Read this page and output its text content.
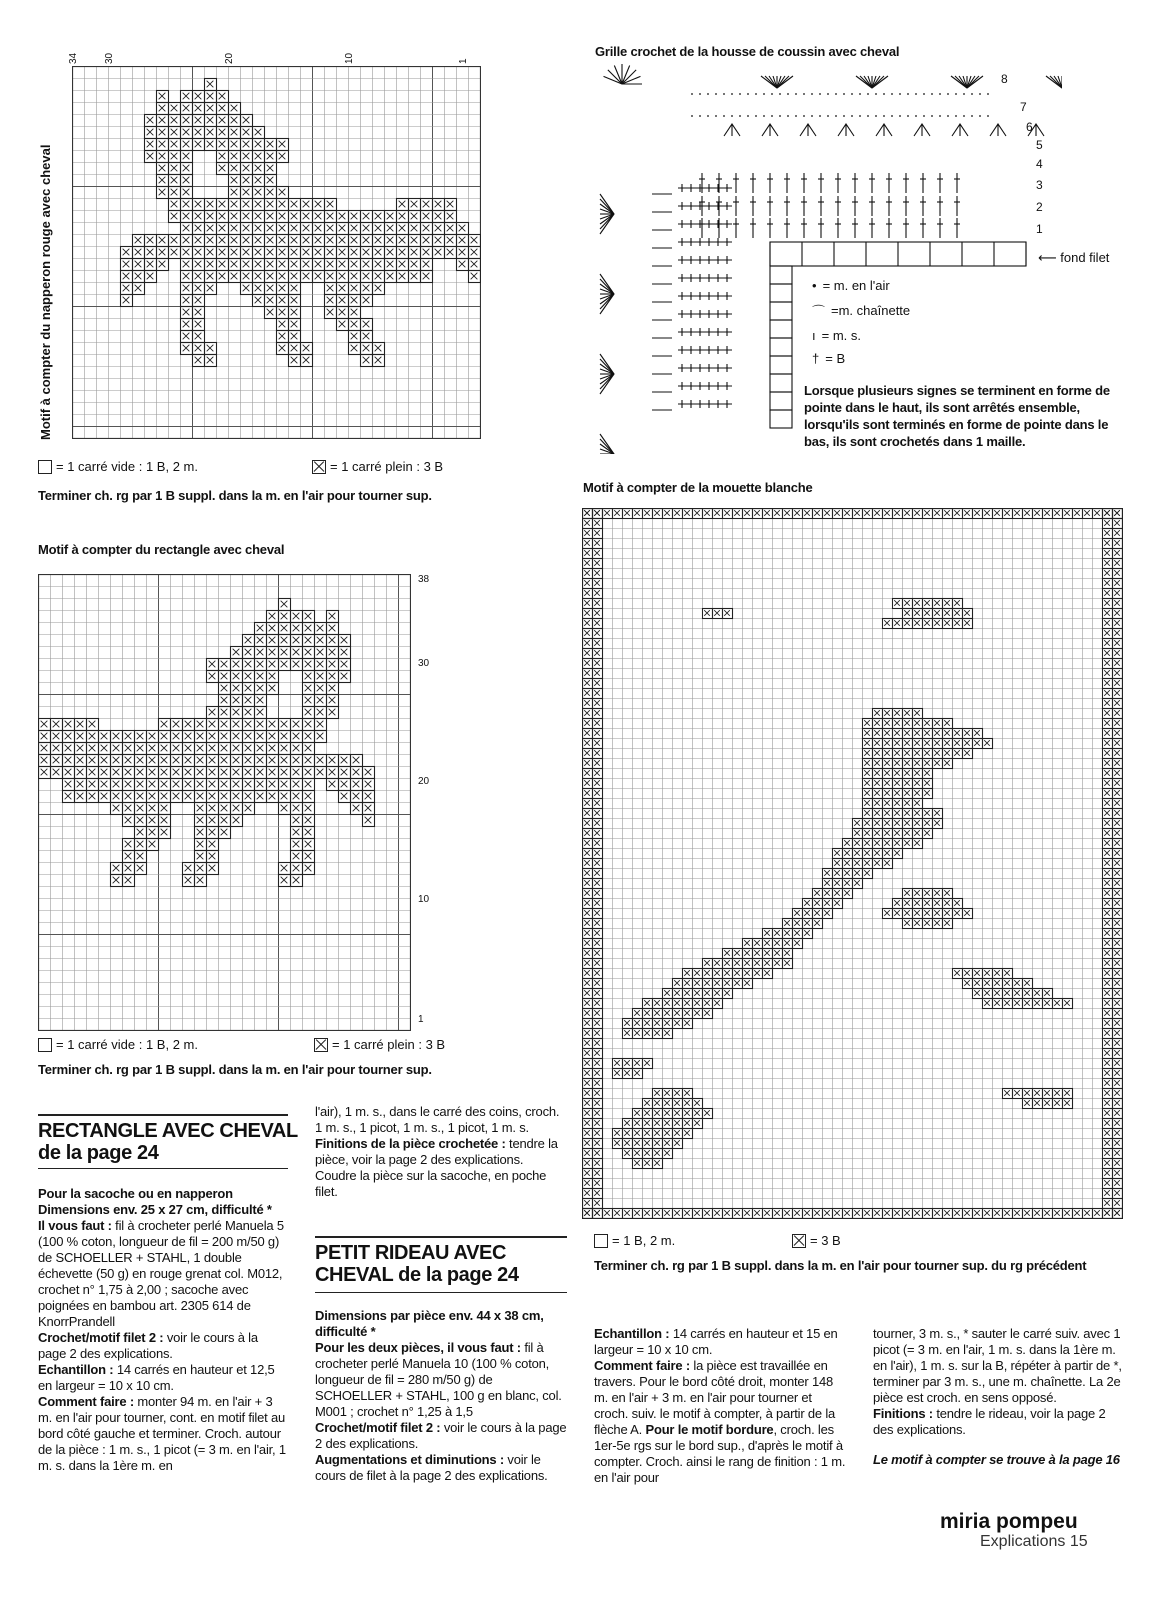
Motif à compter du napperon rouge avec cheval
34	30	20	10	1
= 1 carré vide : 1 B, 2 m.	= 1 carré plein : 3 B
Terminer ch. rg par 1 B suppl. dans la m. en l'air pour tourner sup.
Motif à compter du rectangle avec cheval
38
30
20
10
1
= 1 carré vide : 1 B, 2 m.	= 1 carré plein : 3 B
Terminer ch. rg par 1 B suppl. dans la m. en l'air pour tourner sup.
Grille crochet de la housse de coussin avec cheval
8
7
6
5
4
3
2
1
⟵ fond filet
• = m. en l'air
⌒ =m. chaînette
ı = m. s.
† = B
Lorsque plusieurs signes se terminent en forme de pointe dans le haut, ils sont arrêtés ensemble, lorsqu'ils sont terminés en forme de pointe dans le bas, ils sont crochetés dans 1 maille.
Motif à compter de la mouette blanche
= 1 B, 2 m.	= 3 B
Terminer ch. rg par 1 B suppl. dans la m. en l'air pour tourner sup. du rg précédent
RECTANGLE AVEC CHEVAL
de la page 24

Pour la sacoche ou en napperon

Dimensions env. 25 x 27 cm, difficulté *

Il vous faut : fil à crocheter perlé Manuela 5 (100 % coton, longueur de fil = 200 m/50 g) de SCHOELLER + STAHL, 1 double échevette (50 g) en rouge grenat col. M012, crochet n° 1,75 à 2,00 ; sacoche avec poignées en bambou art. 2305 614 de KnorrPrandell

Crochet/motif filet 2 : voir le cours à la page 2 des explications.

Echantillon : 14 carrés en hauteur et 12,5 en largeur = 10 x 10 cm.

Comment faire : monter 94 m. en l'air + 3 m. en l'air pour tourner, cont. en motif filet au bord côté gauche et terminer. Croch. autour de la pièce : 1 m. s., 1 picot (= 3 m. en l'air, 1 m. s. dans la 1ère m. en

l'air), 1 m. s., dans le carré des coins, croch. 1 m. s., 1 picot, 1 m. s., 1 picot, 1 m. s.

Finitions de la pièce crochetée : tendre la pièce, voir la page 2 des explications. Coudre la pièce sur la sacoche, en poche filet.

PETIT RIDEAU AVEC
CHEVAL de la page 24

Dimensions par pièce env. 44 x 38 cm, difficulté *

Pour les deux pièces, il vous faut : fil à crocheter perlé Manuela 10 (100 % coton, longueur de fil = 280 m/50 g) de SCHOELLER + STAHL, 100 g en blanc, col. M001 ; crochet n° 1,25 à 1,5

Crochet/motif filet 2 : voir le cours à la page 2 des explications.

Augmentations et diminutions : voir le cours de filet à la page 2 des explications.

Echantillon : 14 carrés en hauteur et 15 en largeur = 10 x 10 cm.

Comment faire : la pièce est travaillée en travers. Pour le bord côté droit, monter 148 m. en l'air + 3 m. en l'air pour tourner et croch. suiv. le motif à compter, à partir de la flèche A. Pour le motif bordure, croch. les 1er-5e rgs sur le bord sup., d'après le motif à compter. Croch. ainsi le rang de finition : 1 m. en l'air pour

tourner, 3 m. s., * sauter le carré suiv. avec 1 picot (= 3 m. en l'air, 1 m. s. dans la 1ère m. en l'air), 1 m. s. sur la B, répéter à partir de *, terminer par 3 m. s., une m. chaînette. La 2e pièce est croch. en sens opposé.

Finitions : tendre le rideau, voir la page 2 des explications.

Le motif à compter se trouve à la page 16

miria pompeu
Explications 15
